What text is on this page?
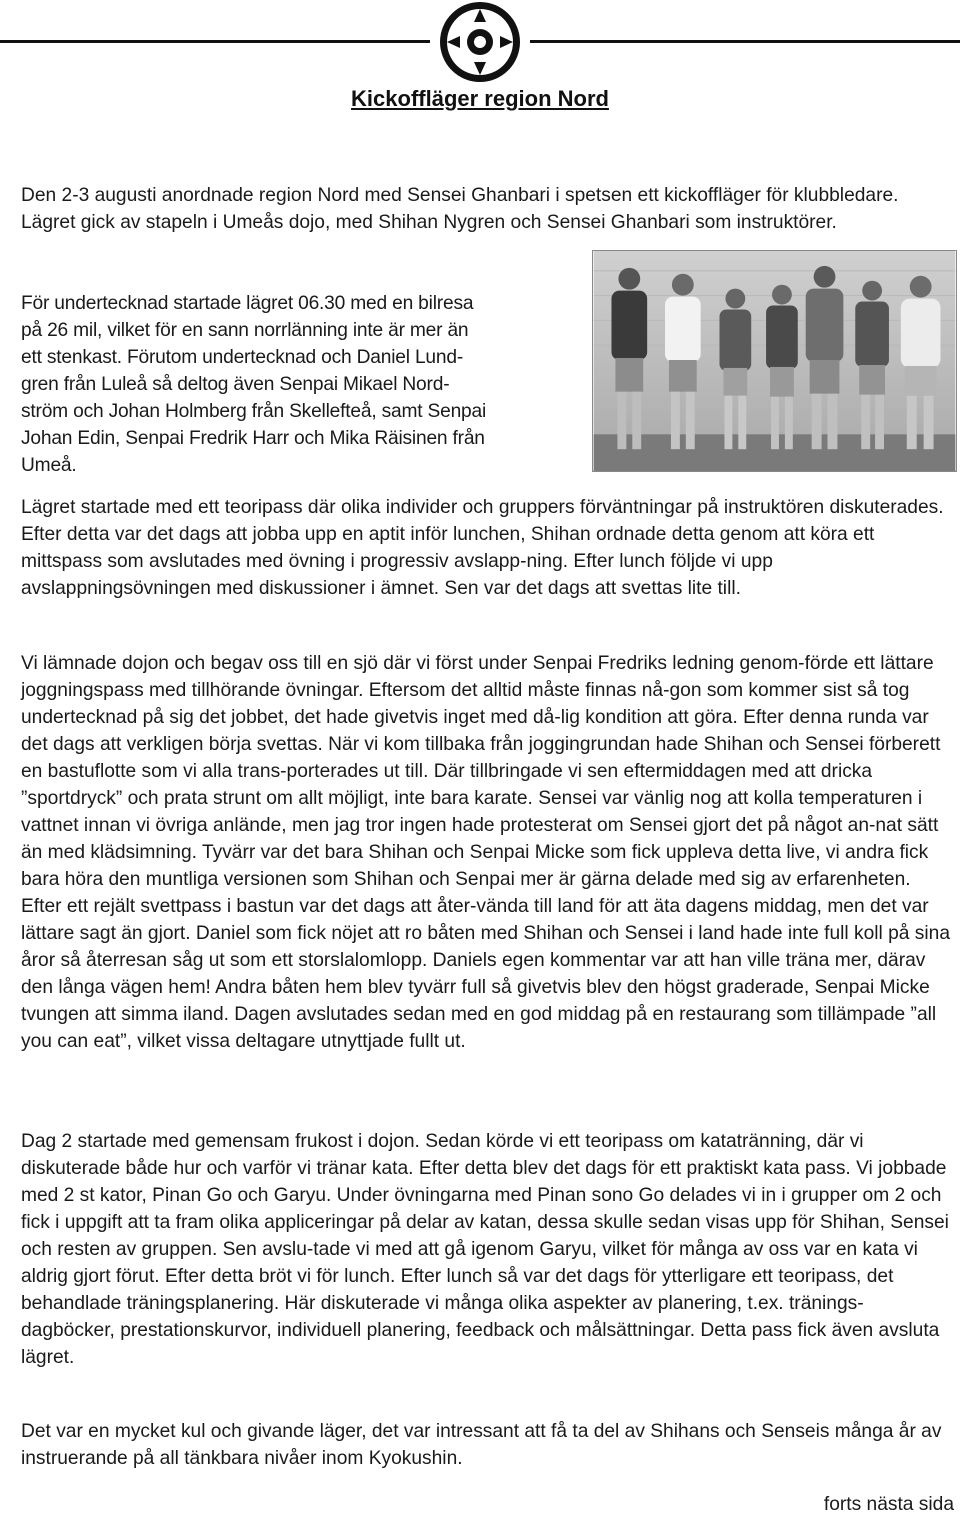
Kickoffläger region Nord

Den 2-3 augusti anordnade region Nord med Sensei Ghanbari i spetsen ett kickoffläger för klubbledare. Lägret gick av stapeln i Umeås dojo, med Shihan Nygren och Sensei Ghanbari som instruktörer.

För undertecknad startade lägret 06.30 med en bilresa
på 26 mil, vilket för en sann norrlänning inte är mer än
ett stenkast. Förutom undertecknad och Daniel Lund-
gren från Luleå så deltog även Senpai Mikael Nord-
ström och Johan Holmberg från Skellefteå, samt Senpai
Johan Edin, Senpai Fredrik Harr och Mika Räisinen från
Umeå.

Lägret startade med ett teoripass där olika individer och gruppers förväntningar på instruktören diskuterades. Efter detta var det dags att jobba upp en aptit inför lunchen, Shihan ordnade detta genom att köra ett mittspass som avslutades med övning i progressiv avslapp-ning. Efter lunch följde vi upp avslappningsövningen med diskussioner i ämnet. Sen var det dags att svettas lite till.

Vi lämnade dojon och begav oss till en sjö där vi först under Senpai Fredriks ledning genom-förde ett lättare joggningspass med tillhörande övningar. Eftersom det alltid måste finnas nå-gon som kommer sist så tog undertecknad på sig det jobbet, det hade givetvis inget med då-lig kondition att göra. Efter denna runda var det dags att verkligen börja svettas. När vi kom tillbaka från joggingrundan hade Shihan och Sensei förberett en bastuflotte som vi alla trans-porterades ut till. Där tillbringade vi sen eftermiddagen med att dricka ”sportdryck” och prata strunt om allt möjligt, inte bara karate. Sensei var vänlig nog att kolla temperaturen i vattnet innan vi övriga anlände, men jag tror ingen hade protesterat om Sensei gjort det på något an-nat sätt än med klädsimning. Tyvärr var det bara Shihan och Senpai Micke som fick uppleva detta live, vi andra fick bara höra den muntliga versionen som Shihan och Senpai mer är gärna delade med sig av erfarenheten. Efter ett rejält svettpass i bastun var det dags att åter-vända till land för att äta dagens middag, men det var lättare sagt än gjort. Daniel som fick nöjet att ro båten med Shihan och Sensei i land hade inte full koll på sina åror så återresan såg ut som ett storslalomlopp. Daniels egen kommentar var att han ville träna mer, därav den långa vägen hem! Andra båten hem blev tyvärr full så givetvis blev den högst graderade, Senpai Micke tvungen att simma iland. Dagen avslutades sedan med en god middag på en restaurang som tillämpade ”all you can eat”, vilket vissa deltagare utnyttjade fullt ut.

Dag 2 startade med gemensam frukost i dojon. Sedan körde vi ett teoripass om katatränning, där vi diskuterade både hur och varför vi tränar kata. Efter detta blev det dags för ett praktiskt kata pass. Vi jobbade med 2 st kator, Pinan Go och Garyu. Under övningarna med Pinan sono Go delades vi in i grupper om 2 och fick i uppgift att ta fram olika appliceringar på delar av katan, dessa skulle sedan visas upp för Shihan, Sensei och resten av gruppen. Sen avslu-tade vi med att gå igenom Garyu, vilket för många av oss var en kata vi aldrig gjort förut. Efter detta bröt vi för lunch. Efter lunch så var det dags för ytterligare ett teoripass, det behandlade träningsplanering. Här diskuterade vi många olika aspekter av planering, t.ex. tränings-dagböcker, prestationskurvor, individuell planering, feedback och målsättningar. Detta pass fick även avsluta lägret.

Det var en mycket kul och givande läger, det var intressant att få ta del av Shihans och Senseis många år av instruerande på all tänkbara nivåer inom Kyokushin.

forts nästa sida
